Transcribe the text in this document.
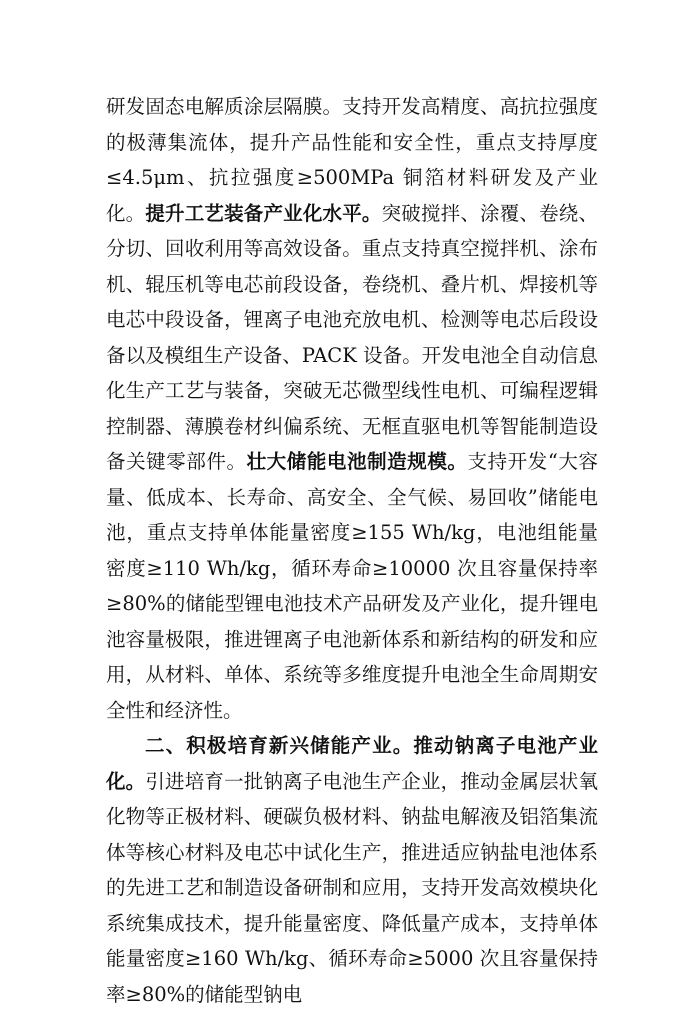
研发固态电解质涂层隔膜。支持开发高精度、高抗拉强度的极薄集流体，提升产品性能和安全性，重点支持厚度≤4.5μm、抗拉强度≥500MPa 铜箔材料研发及产业化。提升工艺装备产业化水平。突破搅拌、涂覆、卷绕、分切、回收利用等高效设备。重点支持真空搅拌机、涂布机、辊压机等电芯前段设备，卷绕机、叠片机、焊接机等电芯中段设备，锂离子电池充放电机、检测等电芯后段设备以及模组生产设备、PACK 设备。开发电池全自动信息化生产工艺与装备，突破无芯微型线性电机、可编程逻辑控制器、薄膜卷材纠偏系统、无框直驱电机等智能制造设备关键零部件。壮大储能电池制造规模。支持开发“大容量、低成本、长寿命、高安全、全气候、易回收”储能电池，重点支持单体能量密度≥155 Wh/kg，电池组能量密度≥110 Wh/kg，循环寿命≥10000 次且容量保持率≥80%的储能型锂电池技术产品研发及产业化，提升锂电池容量极限，推进锂离子电池新体系和新结构的研发和应用，从材料、单体、系统等多维度提升电池全生命周期安全性和经济性。

二、积极培育新兴储能产业。推动钠离子电池产业化。引进培育一批钠离子电池生产企业，推动金属层状氧化物等正极材料、硬碳负极材料、钠盐电解液及铝箔集流体等核心材料及电芯中试化生产，推进适应钠盐电池体系的先进工艺和制造设备研制和应用，支持开发高效模块化系统集成技术，提升能量密度、降低量产成本，支持单体能量密度≥160 Wh/kg、循环寿命≥5000 次且容量保持率≥80%的储能型钠电
